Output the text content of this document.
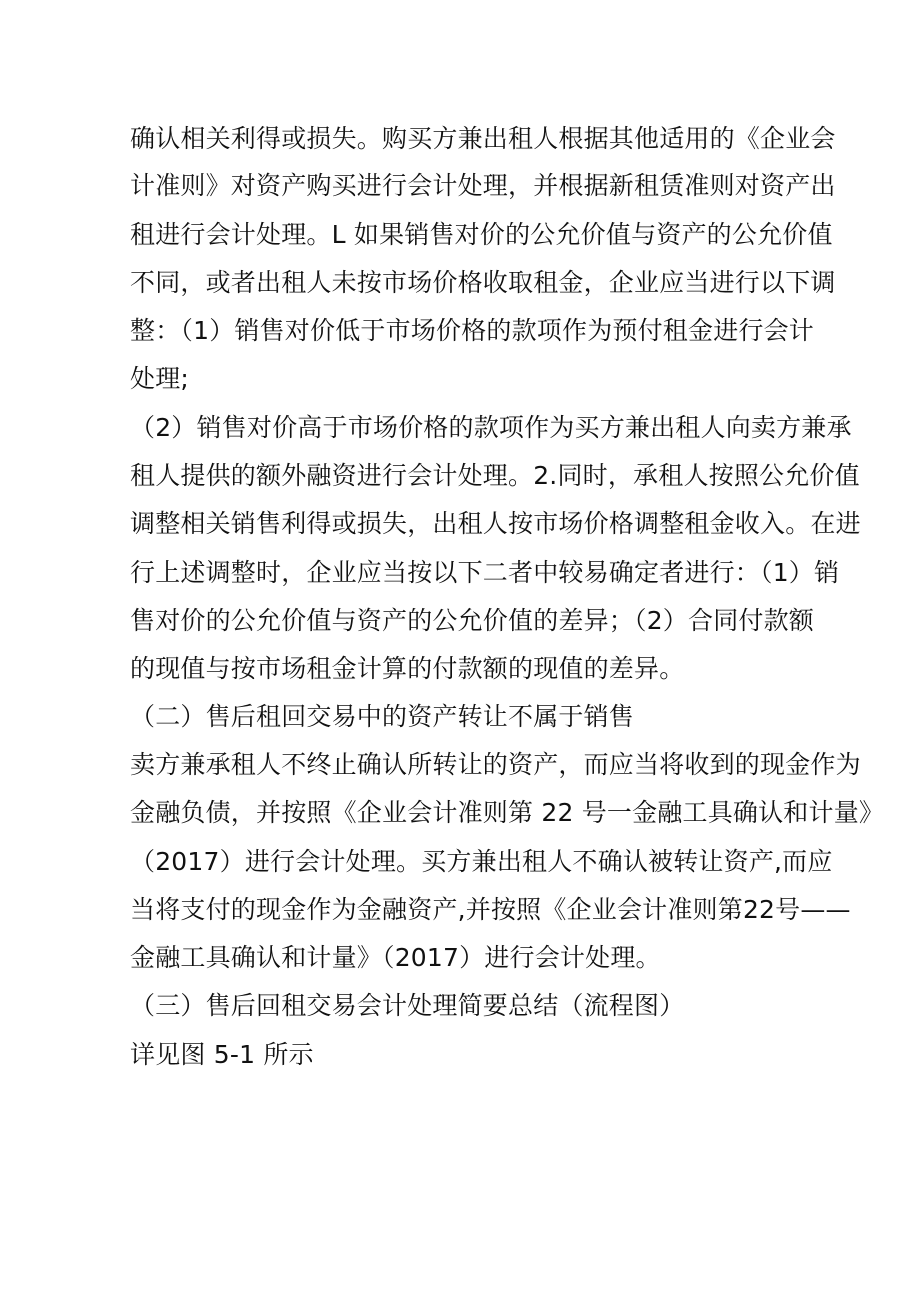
确认相关利得或损失。购买方兼出租人根据其他适用的《企业会
计准则》对资产购买进行会计处理，并根据新租赁准则对资产出
租进行会计处理。L 如果销售对价的公允价值与资产的公允价值
不同，或者出租人未按市场价格收取租金，企业应当进行以下调
整：（1）销售对价低于市场价格的款项作为预付租金进行会计
处理;
（2）销售对价高于市场价格的款项作为买方兼出租人向卖方兼承
租人提供的额外融资进行会计处理。2.同时，承租人按照公允价值
调整相关销售利得或损失，出租人按市场价格调整租金收入。在进
行上述调整时，企业应当按以下二者中较易确定者进行：（1）销
售对价的公允价值与资产的公允价值的差异；（2）合同付款额
的现值与按市场租金计算的付款额的现值的差异。
（二）售后租回交易中的资产转让不属于销售
卖方兼承租人不终止确认所转让的资产，而应当将收到的现金作为
金融负债，并按照《企业会计准则第 22 号一金融工具确认和计量》
（2017）进行会计处理。买方兼出租人不确认被转让资产,而应
当将支付的现金作为金融资产,并按照《企业会计准则第22号——
金融工具确认和计量》（2017）进行会计处理。
（三）售后回租交易会计处理简要总结（流程图）
详见图 5-1 所示
